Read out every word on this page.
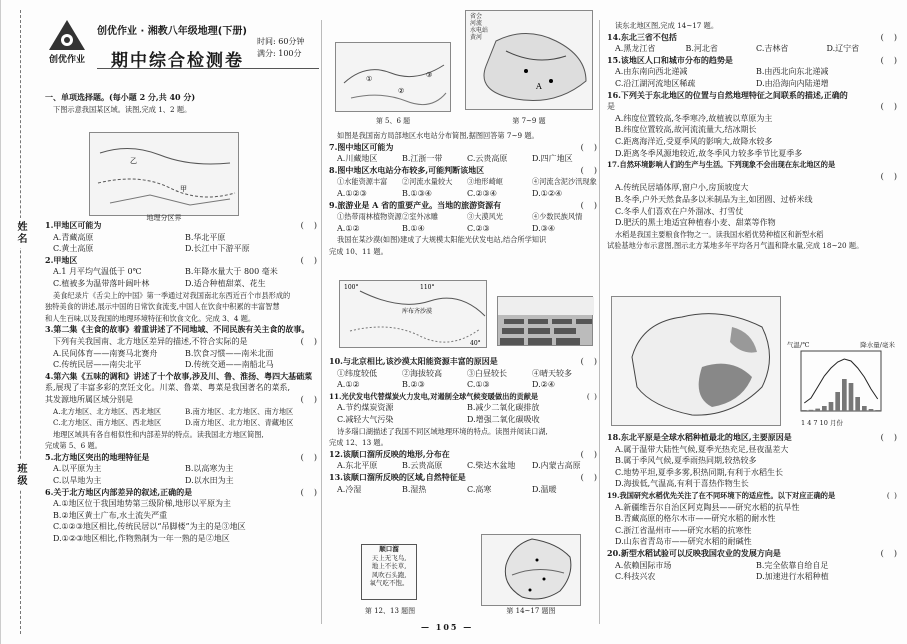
姓名
班级
创优作业
创优作业 · 湘教八年级地理(下册)
期中综合检测卷
时间: 60分钟
满分: 100分
一、单项选择题。(每小题 2 分,共 40 分)
下图示意我国某区域。读图,完成 1、2 题。
乙
甲
地理分区界
1.甲地区可能为	(    )
A.青藏高原	B.华北平原
C.黄土高原	D.长江中下游平原
2.甲地区	(    )
A.1 月平均气温低于 0℃	B.年降水量大于 800 毫米
C.植被多为温带落叶阔叶林	D.适合种植甜菜、花生
美食纪录片《舌尖上的中国》第一季通过对我国南北东西近百个市县形成的
独特美食的讲述,展示中国的日常饮食流变,中国人在饮食中积累的丰富智慧
和人生百味,以及我国的地理环境特征和饮食文化。完成 3、4 题。
3.第二集《主食的故事》着重讲述了不同地域、不同民族有关主食的故事。
下列有关我国南、北方地区差异的描述,不符合实际的是	(    )
A.民间体育——南赛马北赛舟	B.饮食习惯——南米北面
C.传统民居——南尖北平	D.传统交通——南船北马
4.第六集《五味的调和》讲述了十个故事,涉及川、鲁、淮扬、粤四大基础菜
系,展现了丰富多彩的烹饪文化。川菜、鲁菜、粤菜是我国著名的菜系,
其发源地所属区域分别是	(    )
A.北方地区、北方地区、西北地区	B.南方地区、北方地区、南方地区
C.北方地区、南方地区、西北地区	D.南方地区、北方地区、青藏地区
地理区域具有各自相似性和内部差异的特点。读我国北方地区简图,
完成第 5、6 题。
5.北方地区突出的地理特征是	(    )
A.以平原为主	B.以高寒为主
C.以旱地为主	D.以水田为主
6.关于北方地区内部差异的叙述,正确的是	(    )
A.①地区位于我国地势第三级阶梯,地形以平原为主
B.②地区黄土广布,水土流失严重
C.①②③地区相比,传统民居以“吊脚楼”为主的是③地区
D.①②③地区相比,作物熟制为一年一熟的是②地区
①
②
③
第 5、6 题
A
省会
河流
水电站
黄河
第 7~9 题
如图是我国南方局部地区水电站分布简图,据图回答第 7~9 题。
7.图中地区可能为	(    )
A.川藏地区	B.江浙一带	C.云贵高原	D.四广地区
8.图中地区水电站分布较多,可能判断该地区	(    )
①水能资源丰富	②河流水量较大	③地形崎岖	④河流含泥沙汛现象
A.①②③	B.①③④	C.②③④	D.①②④
9.旅游业是 A 省的重要产业。当地的旅游资源有	(    )
①热带雨林植物资源 ②室外冰雕	③大漠风光	④少数民族风情
A.①②	B.①④	C.②③	D.③④
我国在某沙漠(如图)建成了大规模太阳能光伏发电站,结合所学知识
完成 10、11 题。
100°	110°
库布齐沙漠
40°
10.与北京相比,该沙漠太阳能资源丰富的原因是	(    )
①纬度较低	②海拔较高	③白昼较长	④晴天较多
A.①②	B.②③	C.①③	D.②④
11.光伏发电代替煤炭火力发电,对遏制全球气候变暖做出的贡献是	(  )
A.节约煤炭资源	B.减少二氧化碳排放
C.减轻大气污染	D.增强二氧化碳吸收
诗多瑙口湖描述了我国不同区域地理环境的特点。读图并阅读口湖,
完成 12、13 题。
12.该顺口溜所反映的地形,分布在	(    )
A.东北平原	B.云贵高原	C.柴达木盆地	D.内蒙古高原
13.该顺口溜所反映的区域,自然特征是	(    )
A.冷湿	B.湿热	C.高寒	D.温暖
顺口溜
天上无飞鸟,
地上不长草,
风吹石头跑,
氧气吃不饱。
第 12、13 题图	第 14~17 题图
读东北地区图,完成 14~17 题。
14.东北三省不包括	(    )
A.黑龙江省	B.河北省	C.吉林省	D.辽宁省
15.该地区人口和城市分布的趋势是	(    )
A.由东南向西北递减	B.由西北向东北递减
C.沿江湖河流地区稀疏	D.由沿海向内陆递增
16.下列关于东北地区的位置与自然地理特征之间联系的描述,正确的
是	(    )
A.纬度位置较高,冬季寒冷,故植被以草原为主
B.纬度位置较高,故河流流量大,结冰期长
C.距离海洋近,受夏季风的影响大,故降水较多
D.距离冬季风源地较近,故冬季风力较多季节比夏季多
17.自然环境影响人们的生产与生活。下列现象不会出现在东北地区的是
(    )
A.传统民居墙体厚,窗户小,房顶坡度大
B.冬季,户外天然食品多以米制品为主,如团圆、过桥米线
C.冬季人们喜欢在户外溜冰、打雪仗
D.肥沃的黑土地适宜种植春小麦、甜菜等作物
水稻是我国主要粮食作物之一。读我国水稻优势种植区和新型水稻
试验基地分布示意图,图示北方某地多年平均各月气温和降水量,完成 18~20 题。
气温/℃	降水量/毫米
1 4 7 10 月份
18.东北平原是全球水稻种植最北的地区,主要原因是	(    )
A.属于温带大陆性气候,夏季光热充足,昼夜温差大
B.属于季风气候,夏季雨热同期,较热较多
C.地势平坦,夏季多雾,积热同期,有利于水稻生长
D.海拔低,气温高,有利于喜热作物生长
19.我国研究水稻优先关注了在不同环境下的适应性。以下对应正确的是	(  )
A.新疆维吾尔自治区阿克陶县——研究水稻的抗旱性
B.青藏高原的格尔木市——研究水稻的耐水性
C.浙江省温州市——研究水稻的抗寒性
D.山东省青岛市——研究水稻的耐碱性
20.新型水稻试验可以反映我国农业的发展方向是	(    )
A.依赖国际市场	B.完全依靠自给自足
C.科技兴农	D.加速进行水稻种植
— 105 —
